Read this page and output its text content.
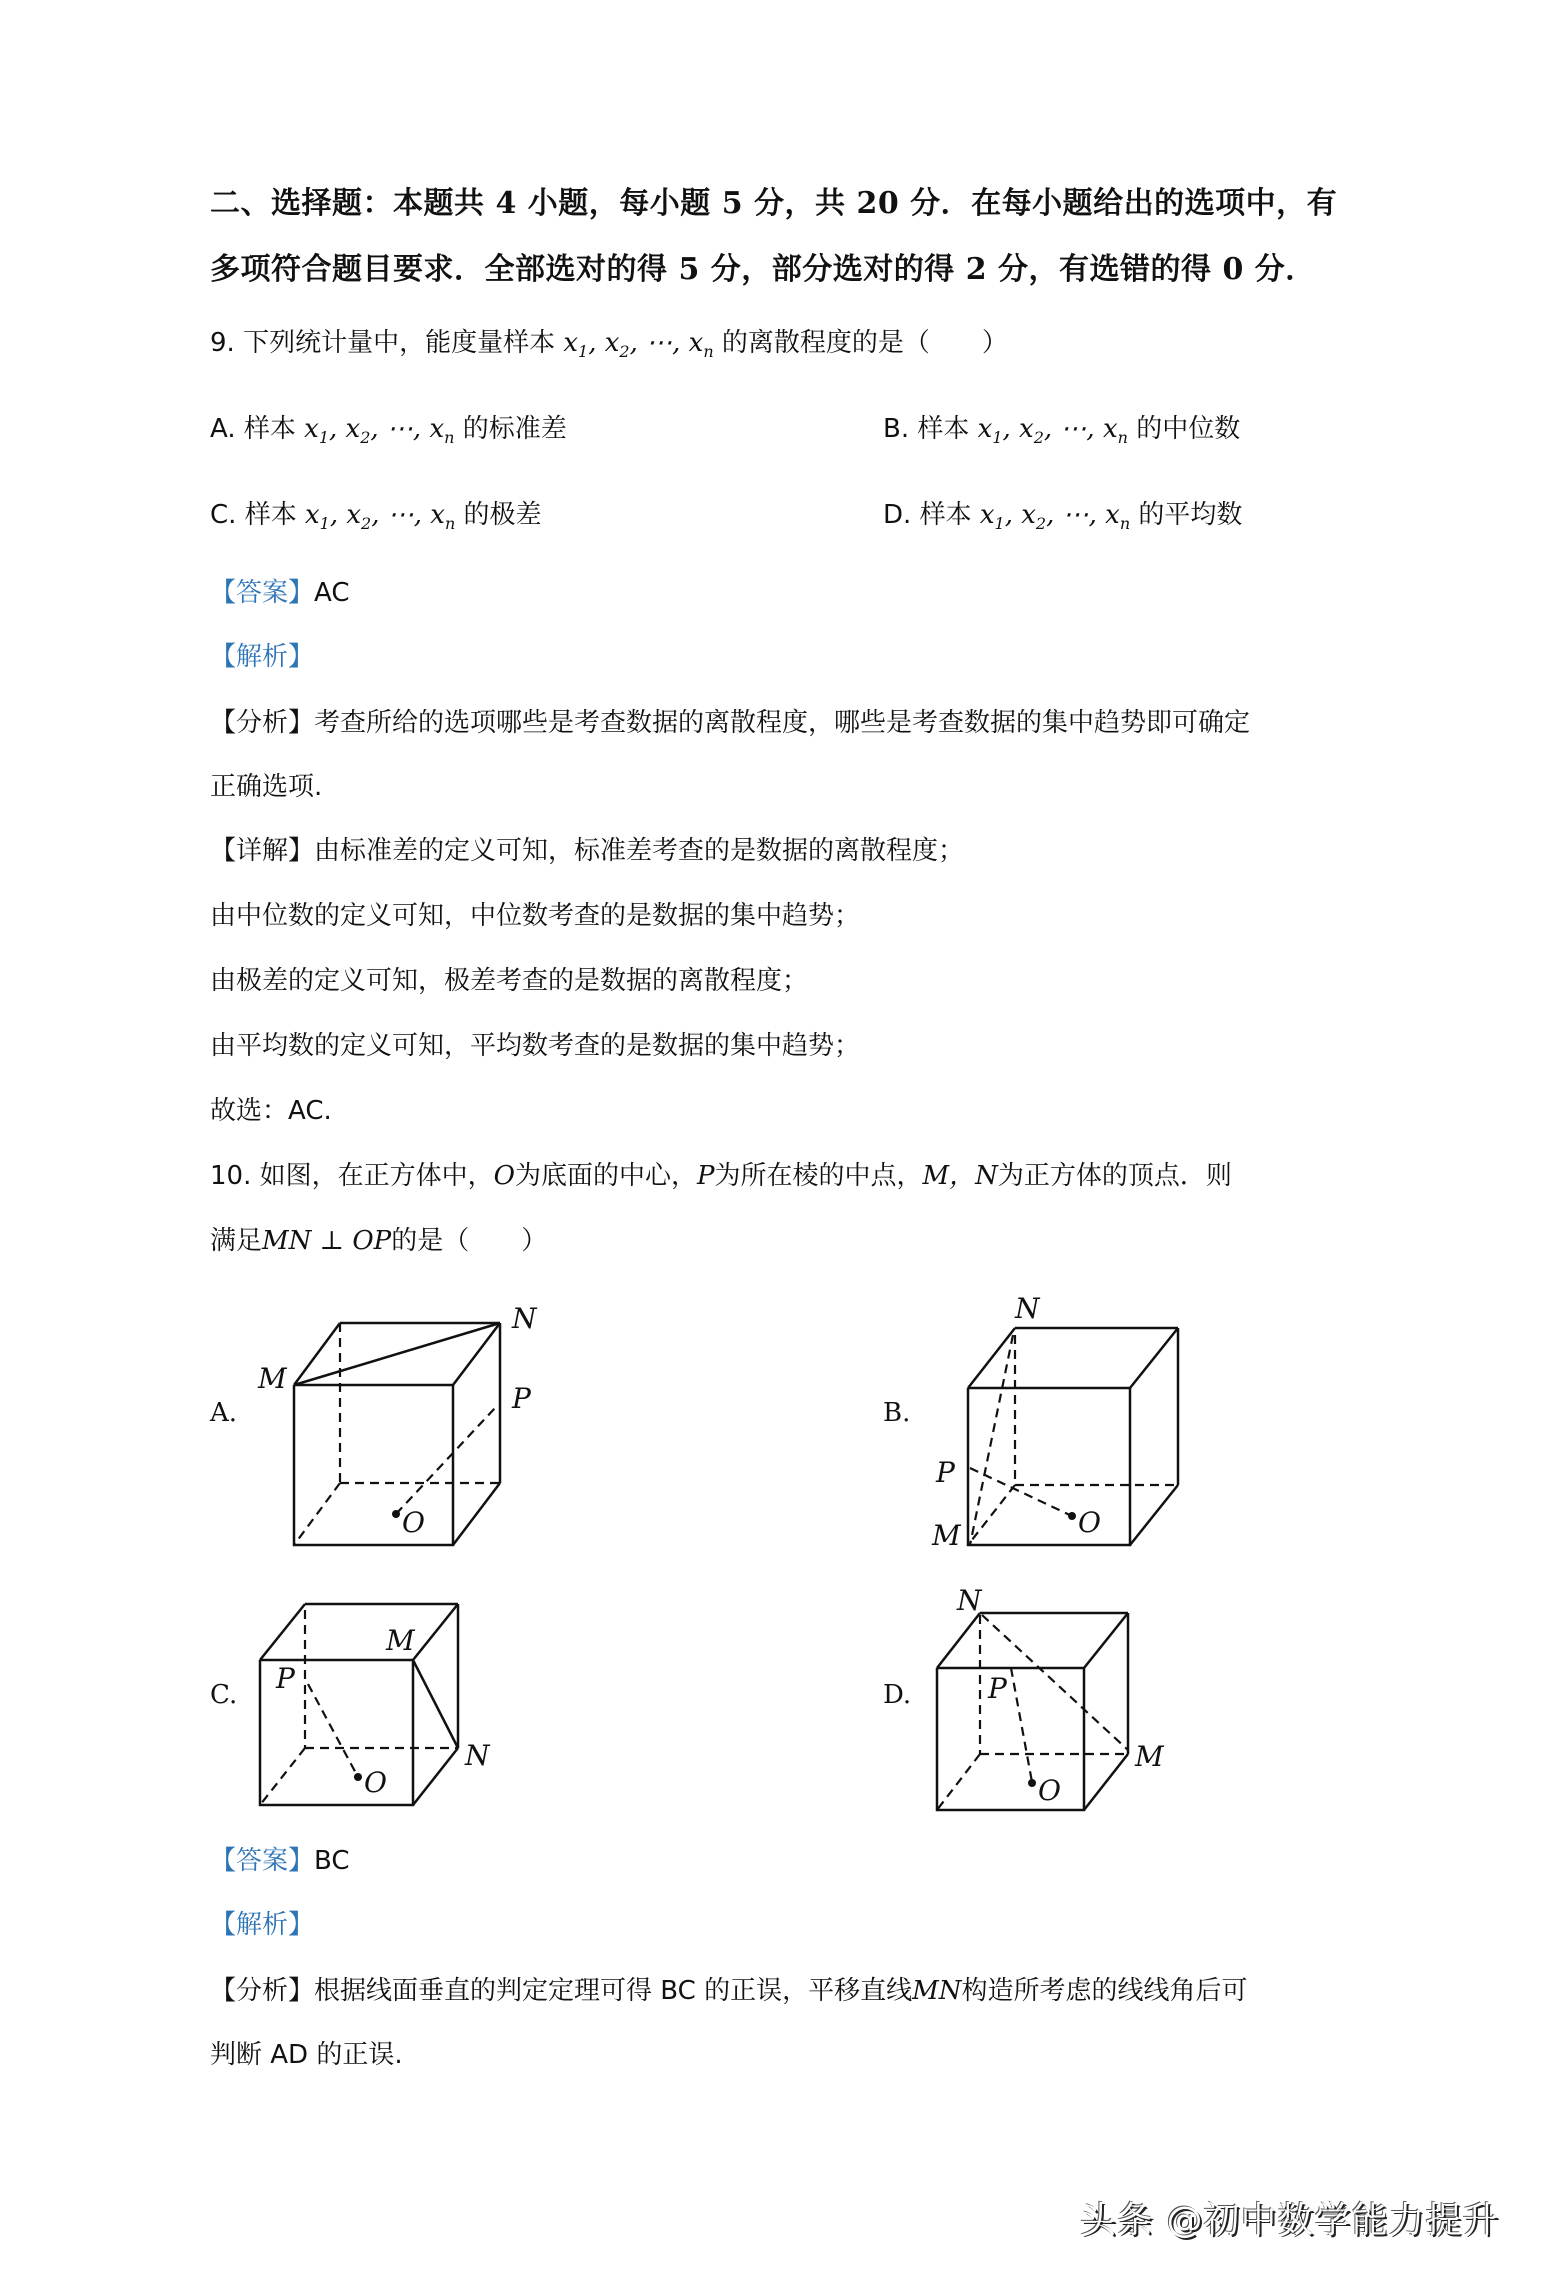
二、选择题：本题共 4 小题，每小题 5 分，共 20 分．在每小题给出的选项中，有
多项符合题目要求．全部选对的得 5 分，部分选对的得 2 分，有选错的得 0 分．
9. 下列统计量中，能度量样本 $x_1$, $x_2$, ⋯, $x_n$ 的离散程度的是（　　）
A. 样本 $x_1$, $x_2$, ⋯, $x_n$ 的标准差	B. 样本 $x_1$, $x_2$, ⋯, $x_n$ 的中位数
C. 样本 $x_1$, $x_2$, ⋯, $x_n$ 的极差	D. 样本 $x_1$, $x_2$, ⋯, $x_n$ 的平均数
【答案】AC
【解析】
【分析】考查所给的选项哪些是考查数据的离散程度，哪些是考查数据的集中趋势即可确定
正确选项.
【详解】由标准差的定义可知，标准差考查的是数据的离散程度；
由中位数的定义可知，中位数考查的是数据的集中趋势；
由极差的定义可知，极差考查的是数据的离散程度；
由平均数的定义可知，平均数考查的是数据的集中趋势；
故选：AC.
10. 如图，在正方体中，O为底面的中心，P为所在棱的中点，M，N为正方体的顶点．则
满足MN ⊥ OP的是（　　）
A.
M
N
P
O
B.
N
P
M	O
C.
M
P
N
O
D.
N
P
M
O
【答案】BC
【解析】
【分析】根据线面垂直的判定定理可得 BC 的正误，平移直线MN构造所考虑的线线角后可
判断 AD 的正误.
头条 @初中数学能力提升
